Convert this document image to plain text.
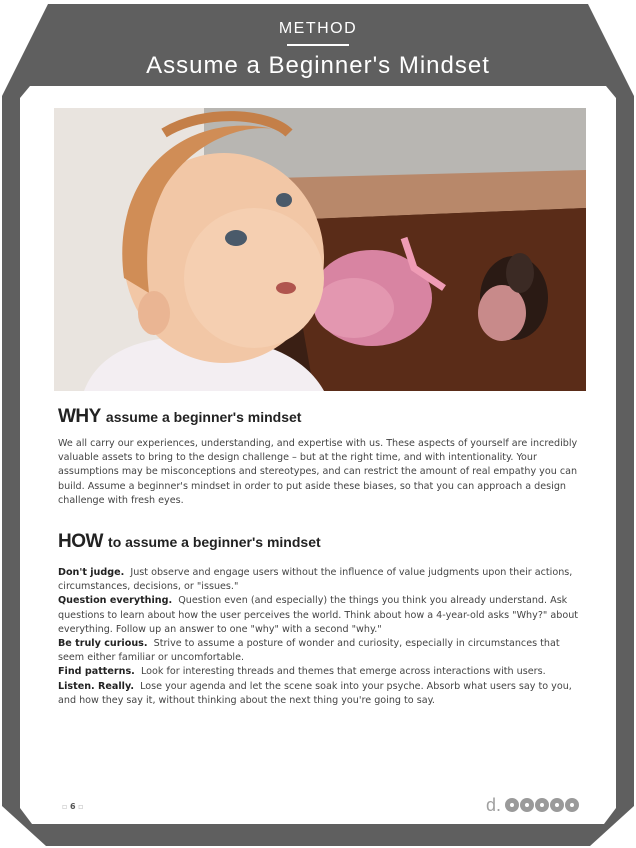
METHOD
Assume a Beginner's Mindset
WHY assume a beginner's mindset
We all carry our experiences, understanding, and expertise with us. These aspects of yourself are incredibly valuable assets to bring to the design challenge – but at the right time, and with intentionality. Your assumptions may be misconceptions and stereotypes, and can restrict the amount of real empathy you can build. Assume a beginner's mindset in order to put aside these biases, so that you can approach a design challenge with fresh eyes.
HOW to assume a beginner's mindset
Don't judge. Just observe and engage users without the influence of value judgments upon their actions, circumstances, decisions, or "issues."
Question everything. Question even (and especially) the things you think you already understand. Ask questions to learn about how the user perceives the world. Think about how a 4-year-old asks "Why?" about everything. Follow up an answer to one "why" with a second "why."
Be truly curious. Strive to assume a posture of wonder and curiosity, especially in circumstances that seem either familiar or uncomfortable.
Find patterns. Look for interesting threads and themes that emerge across interactions with users.
Listen. Really. Lose your agenda and let the scene soak into your psyche. Absorb what users say to you, and how they say it, without thinking about the next thing you're going to say.
▫ 6 ▫	d.
